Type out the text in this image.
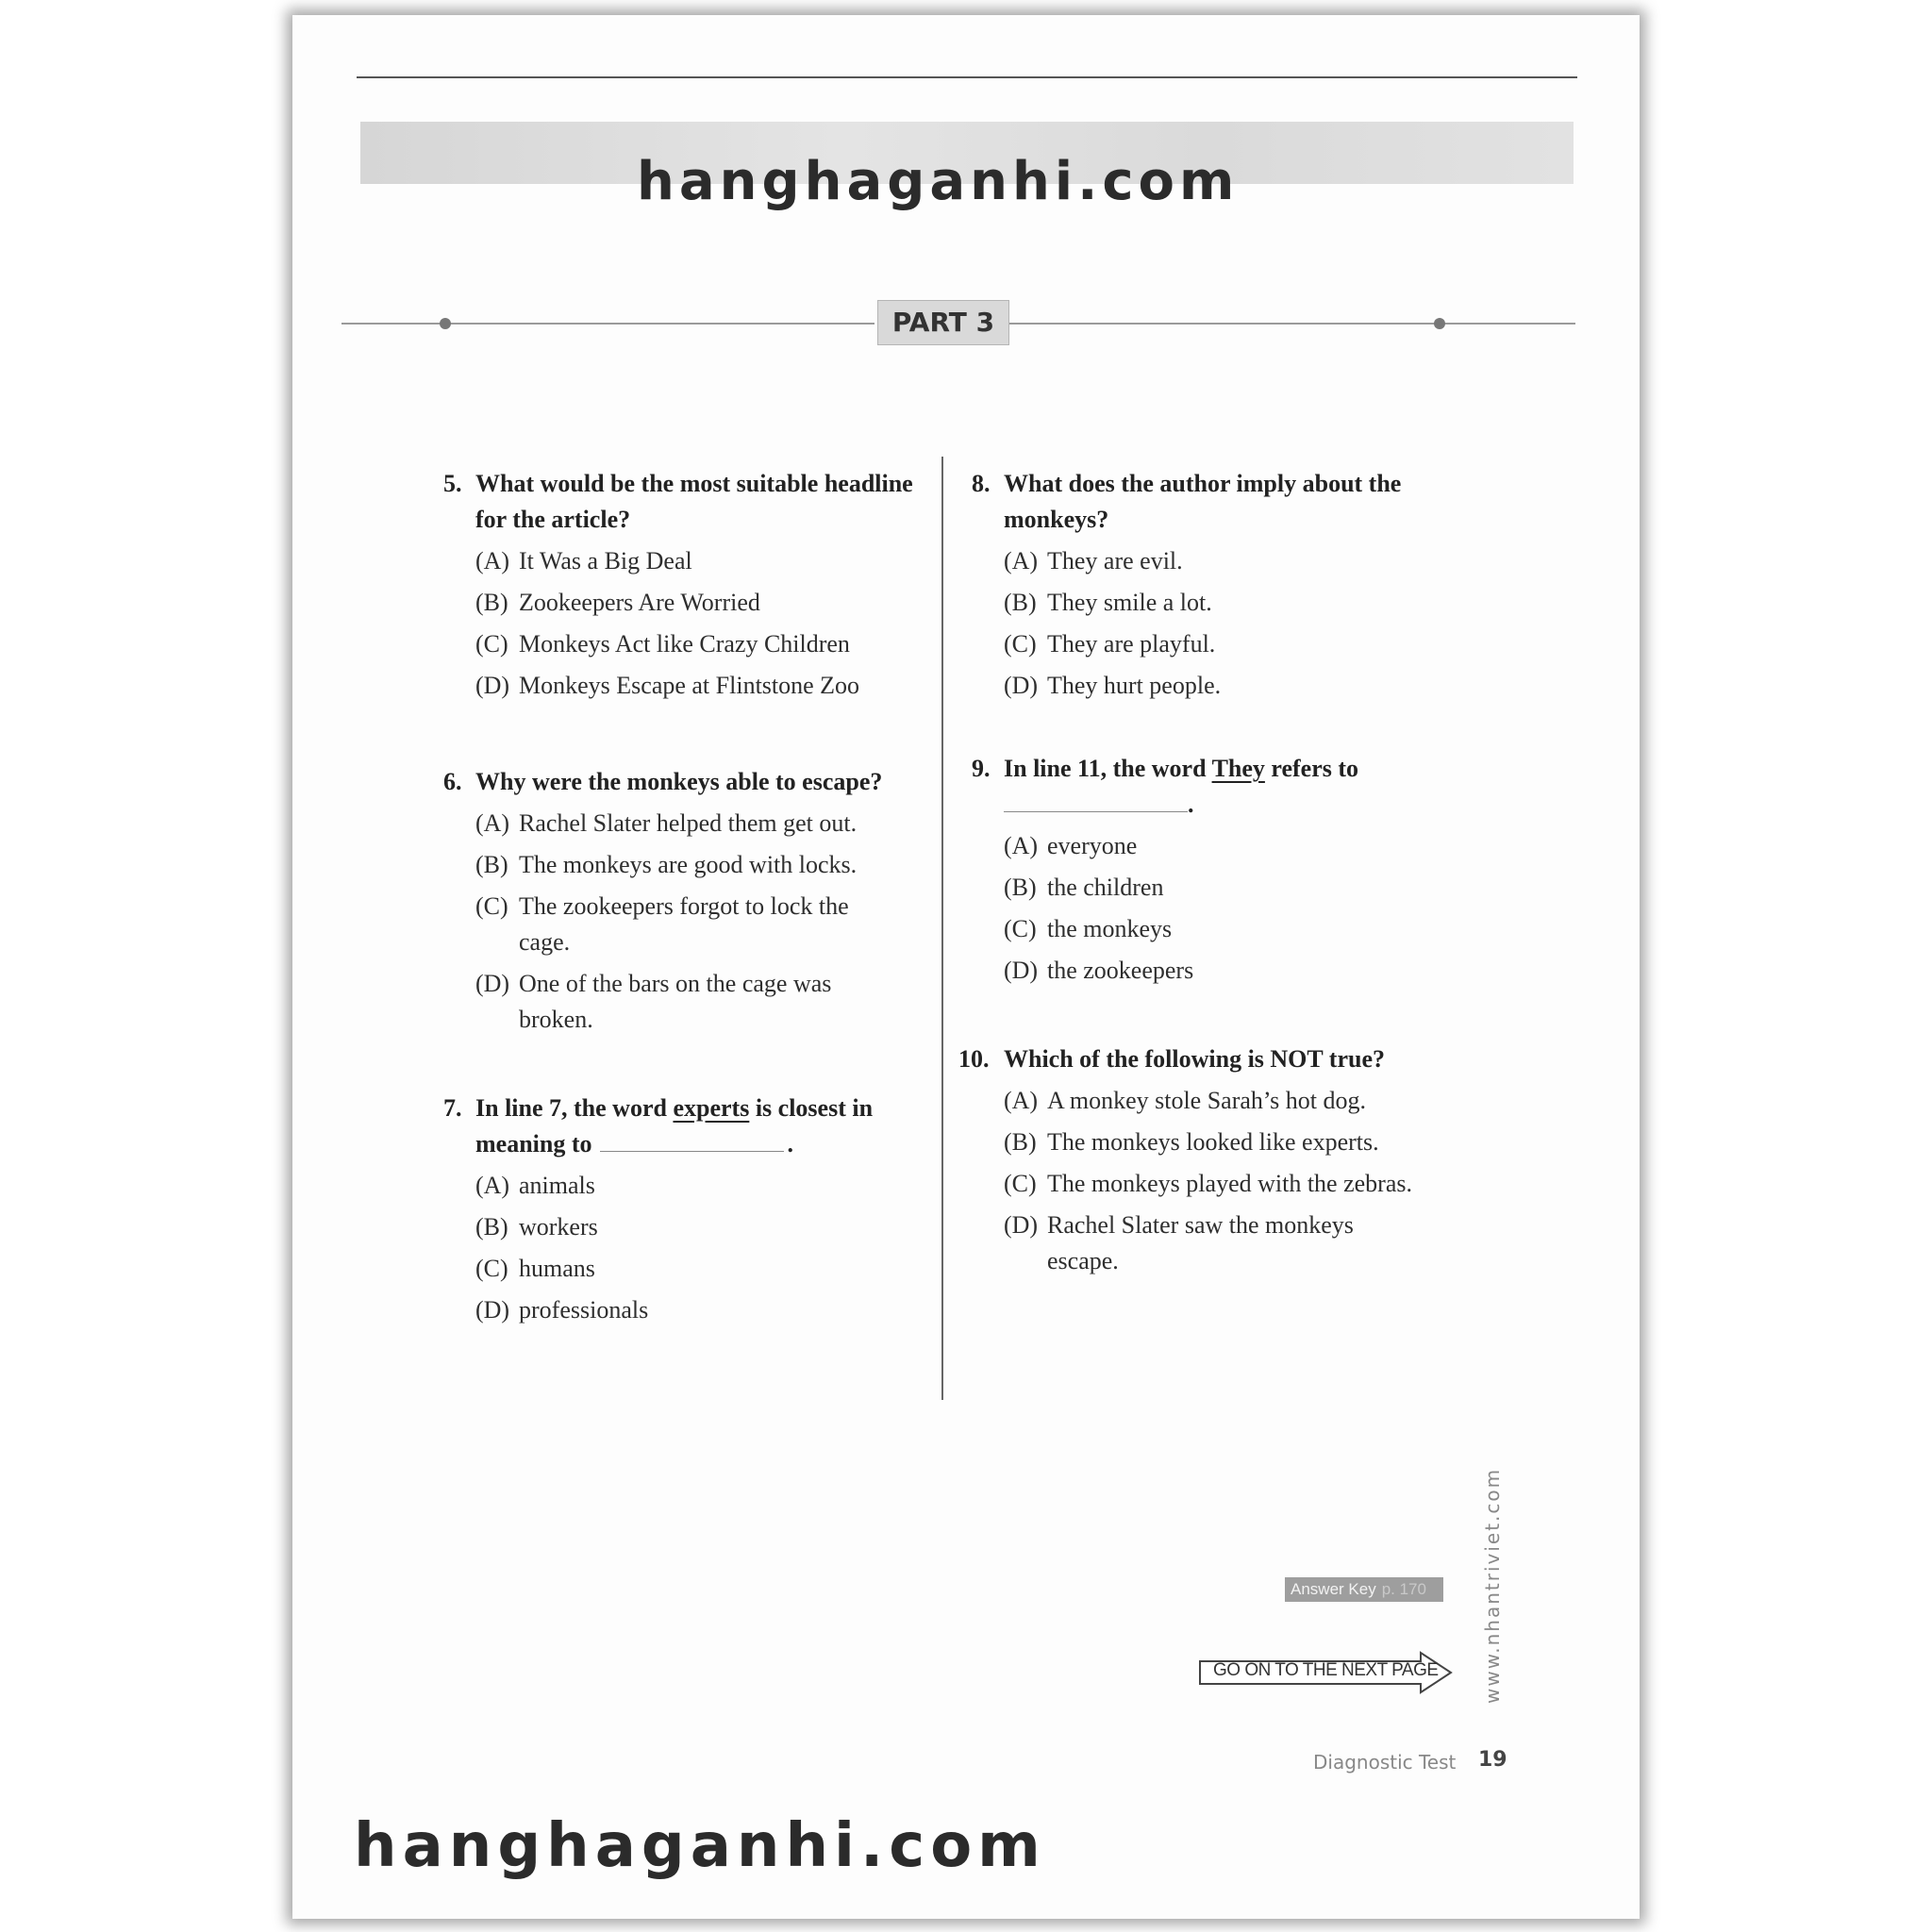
PART 3
5. What would be the most suitable headline for the article?
(A) It Was a Big Deal
(B) Zookeepers Are Worried
(C) Monkeys Act like Crazy Children
(D) Monkeys Escape at Flintstone Zoo
6. Why were the monkeys able to escape?
(A) Rachel Slater helped them get out.
(B) The monkeys are good with locks.
(C) The zookeepers forgot to lock the cage.
(D) One of the bars on the cage was broken.
7. In line 7, the word experts is closest in meaning to	.
(A) animals
(B) workers
(C) humans
(D) professionals
8. What does the author imply about the monkeys?
(A) They are evil.
(B) They smile a lot.
(C) They are playful.
(D) They hurt people.
9. In line 11, the word They refers to
.
(A) everyone
(B) the children
(C) the monkeys
(D) the zookeepers
10. Which of the following is NOT true?
(A) A monkey stole Sarah’s hot dog.
(B) The monkeys looked like experts.
(C) The monkeys played with the zebras.
(D) Rachel Slater saw the monkeys escape.
Answer Key p. 170
GO ON TO THE NEXT PAGE www.nhantriviet.com
Diagnostic Test 19
hanghaganhi.com
hanghaganhi.com
